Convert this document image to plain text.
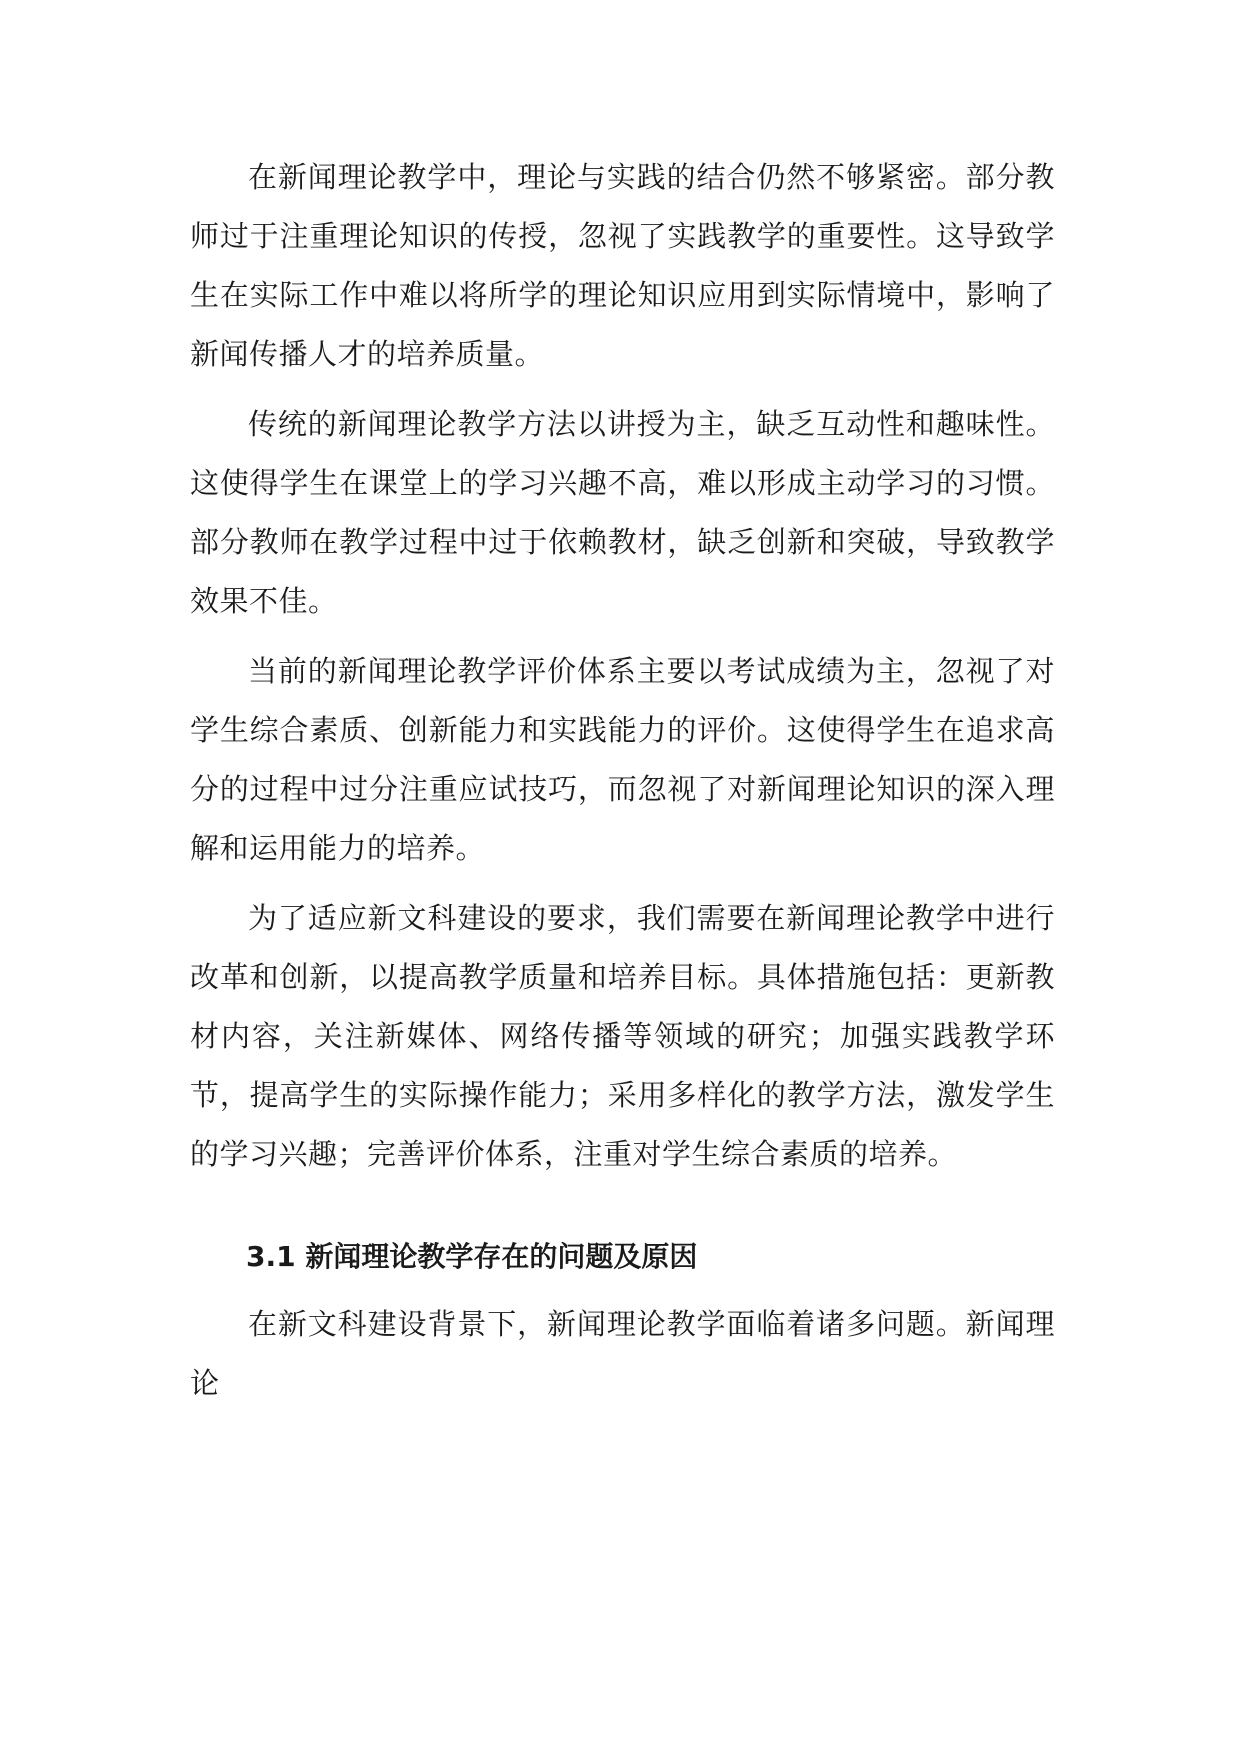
在新闻理论教学中，理论与实践的结合仍然不够紧密。部分教师过于注重理论知识的传授，忽视了实践教学的重要性。这导致学生在实际工作中难以将所学的理论知识应用到实际情境中，影响了新闻传播人才的培养质量。

传统的新闻理论教学方法以讲授为主，缺乏互动性和趣味性。这使得学生在课堂上的学习兴趣不高，难以形成主动学习的习惯。部分教师在教学过程中过于依赖教材，缺乏创新和突破，导致教学效果不佳。

当前的新闻理论教学评价体系主要以考试成绩为主，忽视了对学生综合素质、创新能力和实践能力的评价。这使得学生在追求高分的过程中过分注重应试技巧，而忽视了对新闻理论知识的深入理解和运用能力的培养。

为了适应新文科建设的要求，我们需要在新闻理论教学中进行改革和创新，以提高教学质量和培养目标。具体措施包括：更新教材内容，关注新媒体、网络传播等领域的研究；加强实践教学环节，提高学生的实际操作能力；采用多样化的教学方法，激发学生的学习兴趣；完善评价体系，注重对学生综合素质的培养。

3.1 新闻理论教学存在的问题及原因

在新文科建设背景下，新闻理论教学面临着诸多问题。新闻理论
